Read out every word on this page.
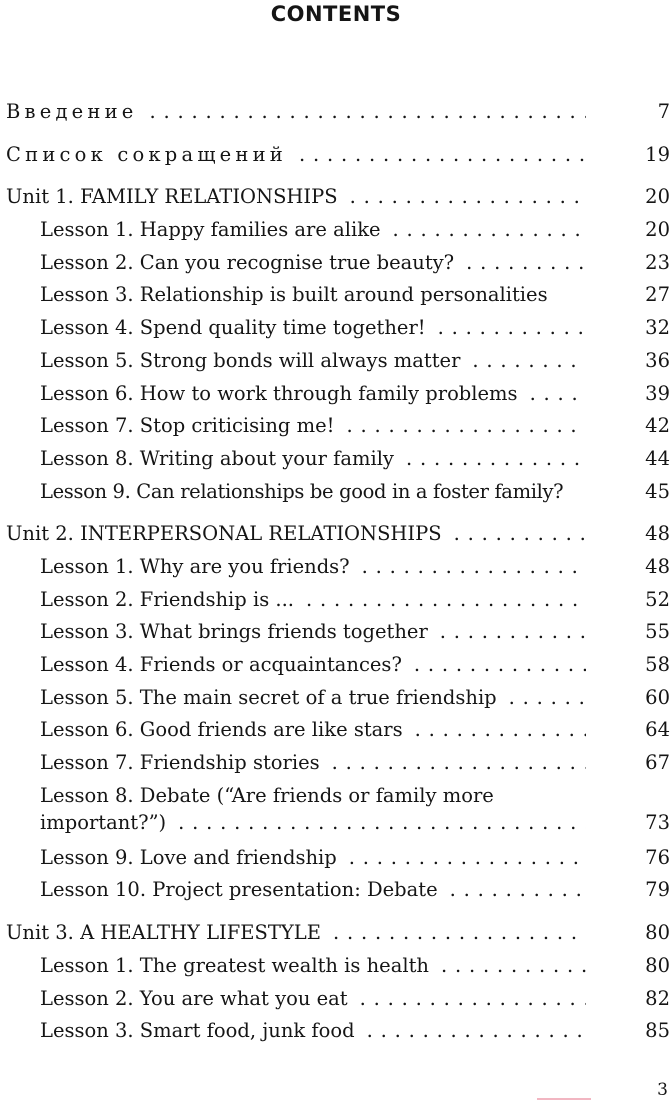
CONTENTS
Введение . . .	7
Список сокращений . . .	19
Unit 1. FAMILY RELATIONSHIPS . . .	20
Lesson 1. Happy families are alike . . .	20
Lesson 2. Can you recognise true beauty? . . .	23
Lesson 3. Relationship is built around personalities	27
Lesson 4. Spend quality time together! . . .	32
Lesson 5. Strong bonds will always matter . . .	36
Lesson 6. How to work through family problems . . .	39
Lesson 7. Stop criticising me! . . .	42
Lesson 8. Writing about your family . . .	44
Lesson 9. Can relationships be good in a foster family?	45
Unit 2. INTERPERSONAL RELATIONSHIPS . . .	48
Lesson 1. Why are you friends? . . .	48
Lesson 2. Friendship is ... . . .	52
Lesson 3. What brings friends together . . .	55
Lesson 4. Friends or acquaintances? . . .	58
Lesson 5. The main secret of a true friendship . . .	60
Lesson 6. Good friends are like stars . . .	64
Lesson 7. Friendship stories . . .	67
Lesson 8. Debate (“Are friends or family more
important?”) . . .	73
Lesson 9. Love and friendship . . .	76
Lesson 10. Project presentation: Debate . . .	79
Unit 3. A HEALTHY LIFESTYLE . . .	80
Lesson 1. The greatest wealth is health . . .	80
Lesson 2. You are what you eat . . .	82
Lesson 3. Smart food, junk food . . .	85
3
